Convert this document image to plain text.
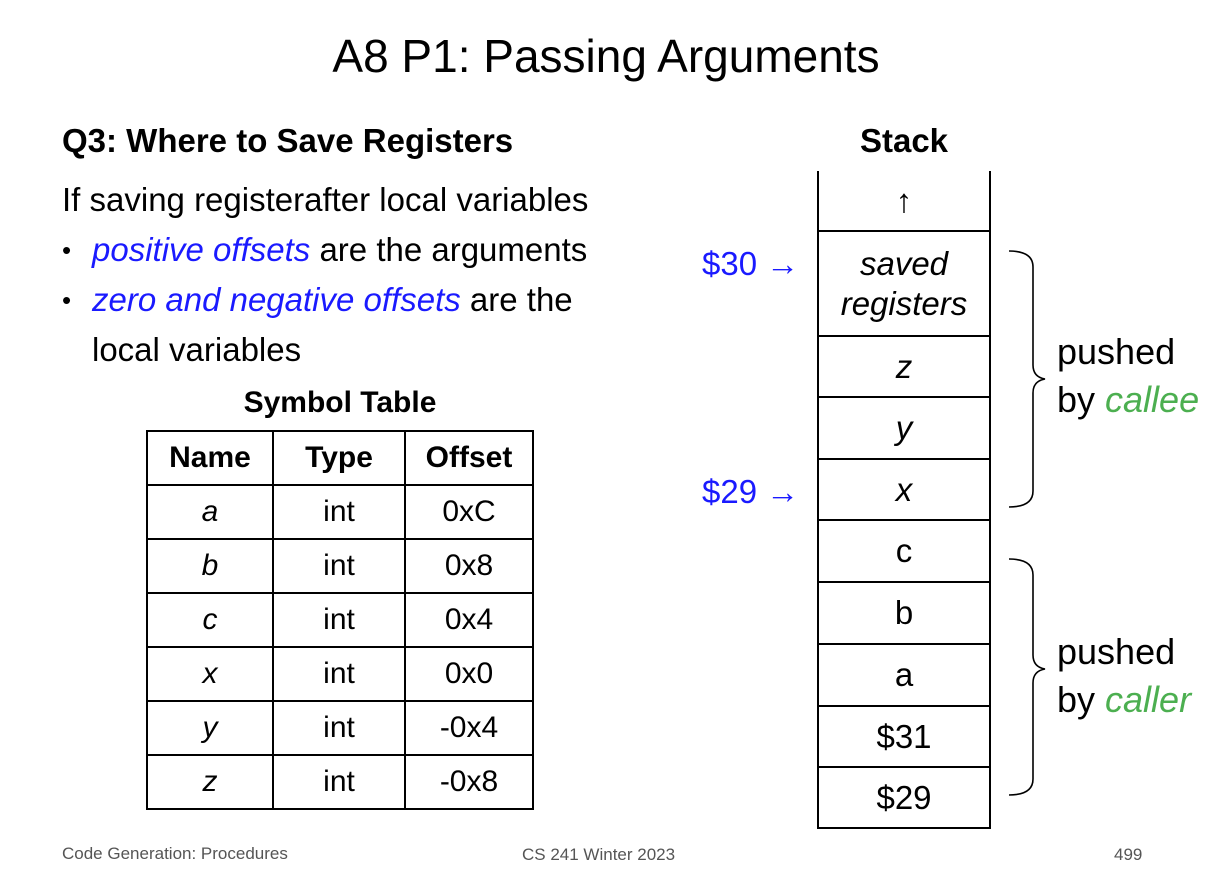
A8 P1: Passing Arguments
Q3: Where to Save Registers
If saving registerafter local variables
• positive offsets are the arguments
• zero and negative offsets are the
local variables
Symbol Table
Name	Type	Offset
a	int	0xC
b	int	0x8
c	int	0x4
x	int	0x0
y	int	-0x4
z	int	-0x8
Stack
↑
saved
registers
z
y
x
c
b
a
$31
$29
$30 →
$29 →
pushed
by callee
pushed
by caller
Code Generation: Procedures	CS 241 Winter 2023	499
